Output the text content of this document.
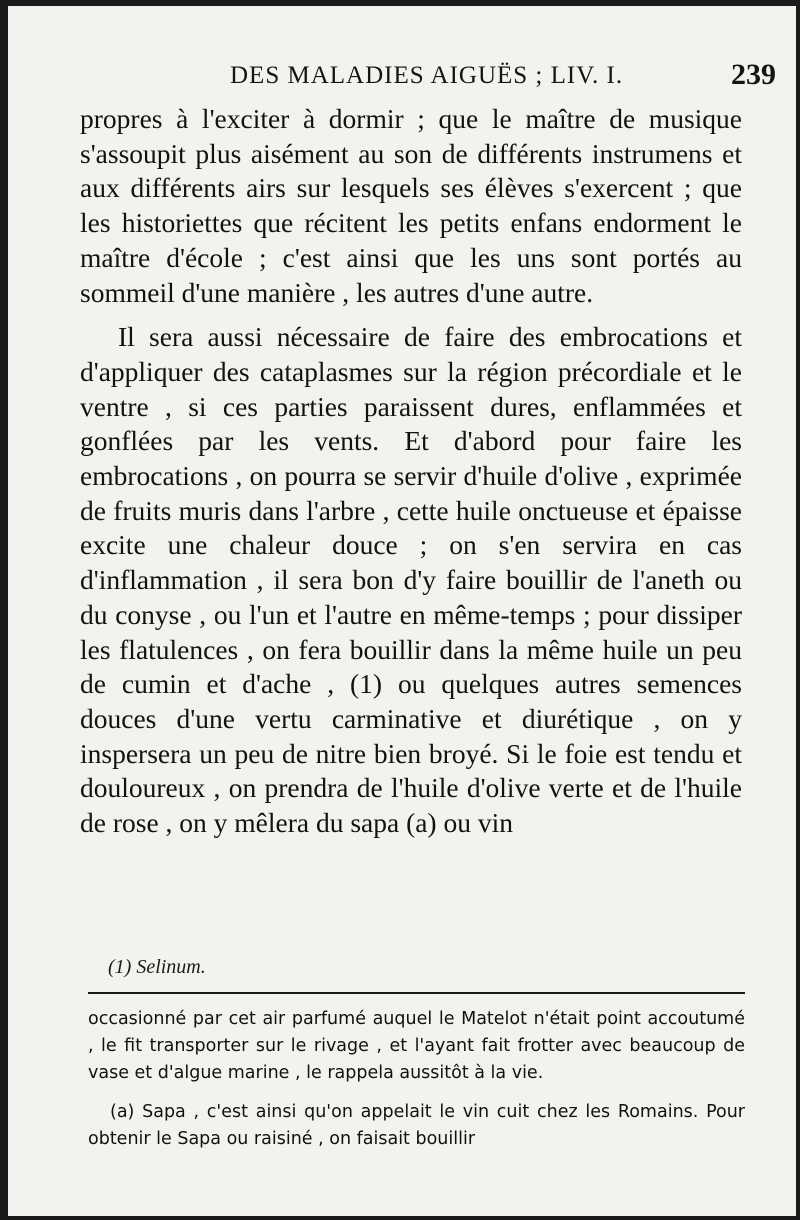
DES MALADIES AIGUËS ; LIV. I.	239

propres à l'exciter à dormir ; que le maître de musique s'assoupit plus aisément au son de différents instrumens et aux différents airs sur lesquels ses élèves s'exercent ; que les historiettes que récitent les petits enfans endorment le maître d'école ; c'est ainsi que les uns sont portés au sommeil d'une manière , les autres d'une autre.

Il sera aussi nécessaire de faire des embrocations et d'appliquer des cataplasmes sur la région précordiale et le ventre , si ces parties paraissent dures, enflammées et gonflées par les vents. Et d'abord pour faire les embrocations , on pourra se servir d'huile d'olive , exprimée de fruits muris dans l'arbre , cette huile onctueuse et épaisse excite une chaleur douce ; on s'en servira en cas d'inflammation , il sera bon d'y faire bouillir de l'aneth ou du conyse , ou l'un et l'autre en même-temps ; pour dissiper les flatulences , on fera bouillir dans la même huile un peu de cumin et d'ache , (1) ou quelques autres semences douces d'une vertu carminative et diurétique , on y inspersera un peu de nitre bien broyé. Si le foie est tendu et douloureux , on prendra de l'huile d'olive verte et de l'huile de rose , on y mêlera du sapa (a) ou vin

(1) Selinum.

occasionné par cet air parfumé auquel le Matelot n'était point accoutumé , le fit transporter sur le rivage , et l'ayant fait frotter avec beaucoup de vase et d'algue marine , le rappela aussitôt à la vie.

(a) Sapa , c'est ainsi qu'on appelait le vin cuit chez les Romains. Pour obtenir le Sapa ou raisiné , on faisait bouillir
